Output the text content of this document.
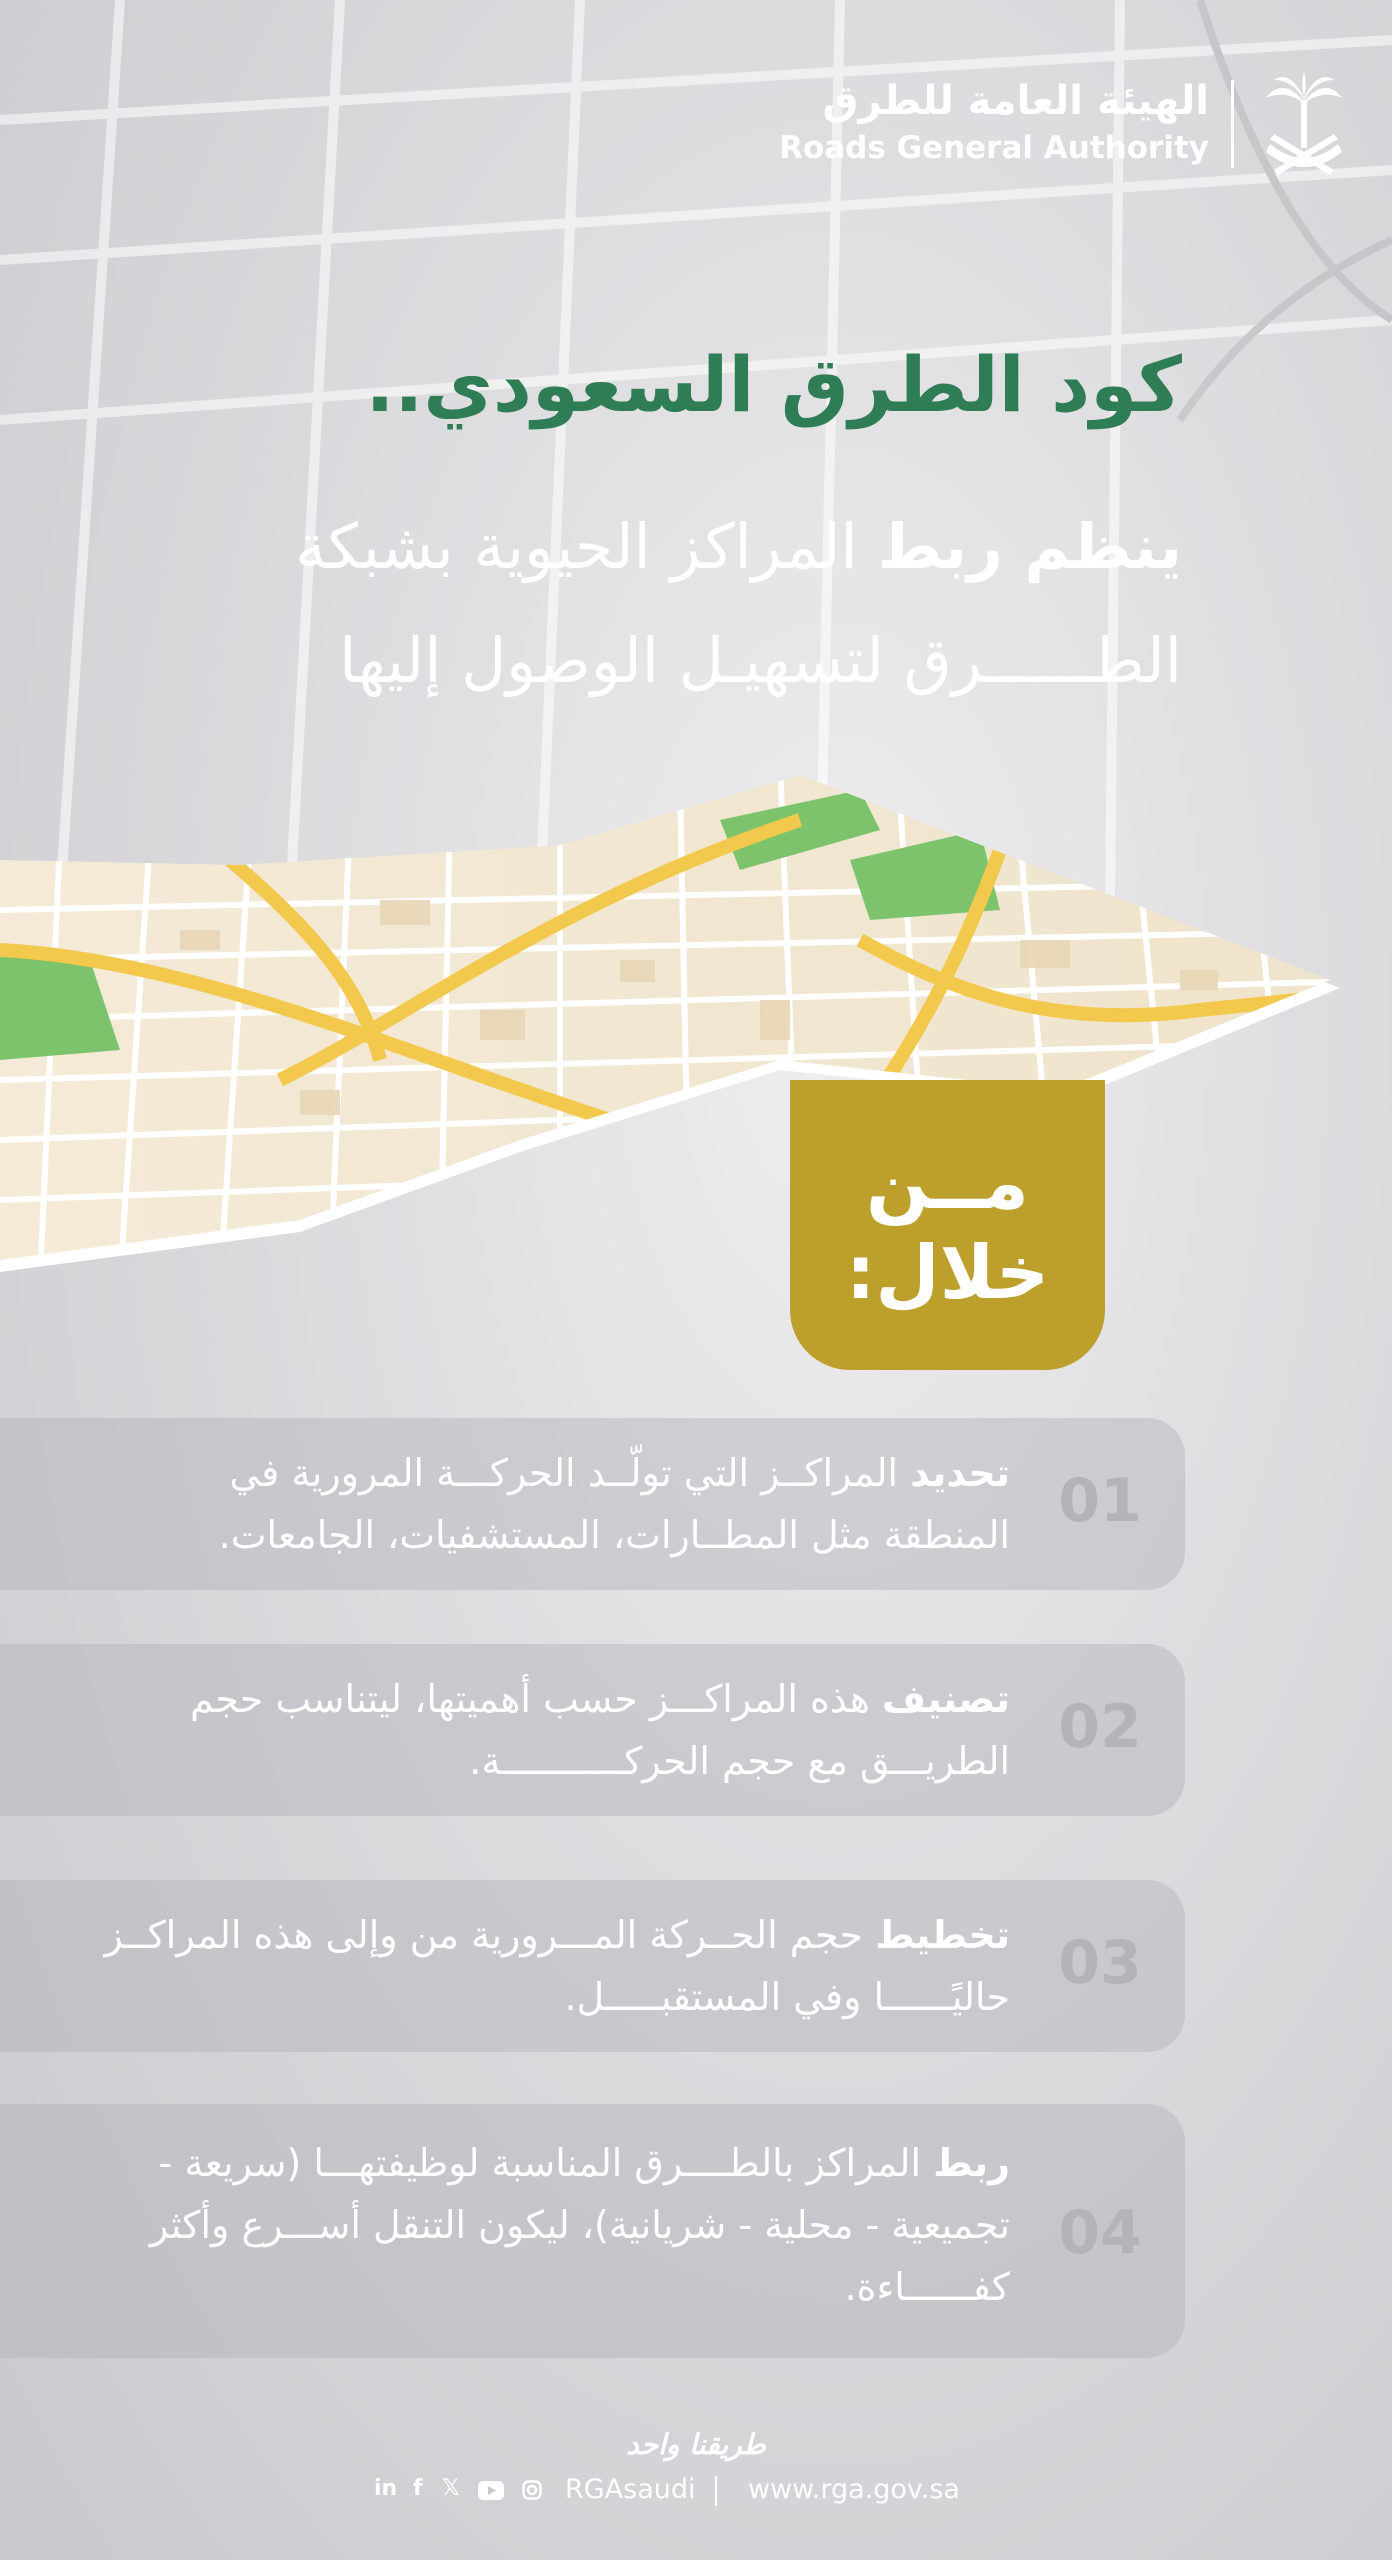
الهيئة العامة للطرق
Roads General Authority
كود الطرق السعودي..
ينظم ربط المراكز الحيوية بشبكة
الطــــــرق لتسهيـل الوصول إليها
مــن
خلال:
01
تحديد المراكــز التي تولّــد الحركـــة المرورية في المنطقة مثل المطــارات، المستشفيات، الجامعات.
02
تصنيف هذه المراكـــز حسب أهميتها، ليتناسب حجم الطريـــق مع حجم الحركـــــــــــة.
03
تخطيط حجم الحــركة المـــرورية من وإلى هذه المراكــز حاليًــــــا وفي المستقبـــــل.
04
ربط المراكز بالطــــرق المناسبة لوظيفتهـــا (سريعة - تجميعية - محلية - شريانية)، ليكون التنقل أســـرع وأكثر كفــــــاءة.
طريقنا واحد
in f 𝕏	RGAsaudi www.rga.gov.sa
